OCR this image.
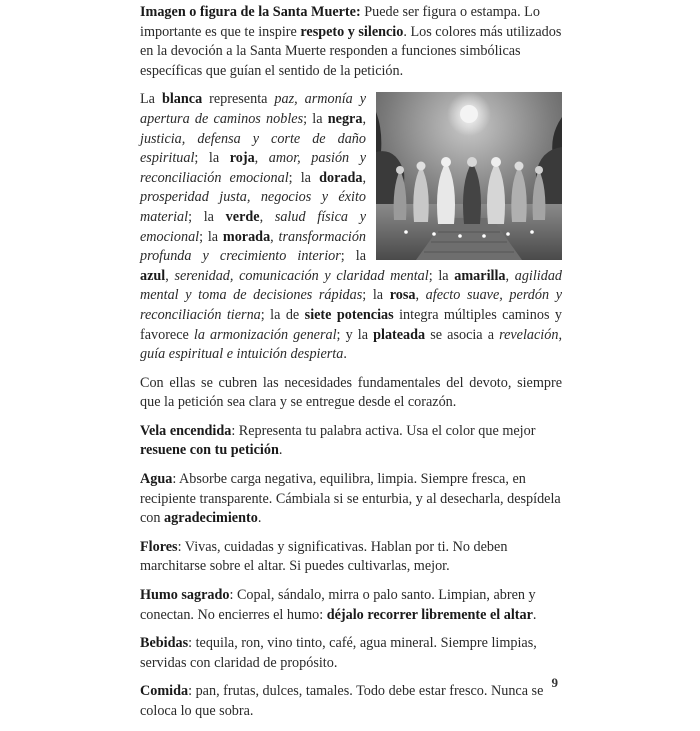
Imagen o figura de la Santa Muerte: Puede ser figura o estampa. Lo importante es que te inspire respeto y silencio. Los colores más utilizados en la devoción a la Santa Muerte responden a funciones simbólicas específicas que guían el sentido de la petición.

La blanca representa paz, armonía y apertura de caminos nobles; la negra, justicia, defensa y corte de daño espiritual; la roja, amor, pasión y reconciliación emocional; la dorada, prosperidad justa, negocios y éxito material; la verde, salud física y emocional; la morada, transformación profunda y crecimiento interior; la azul, serenidad, comunicación y claridad mental; la amarilla, agilidad mental y toma de decisiones rápidas; la rosa, afecto suave, perdón y reconciliación tierna; la de siete potencias integra múltiples caminos y favorece la armonización general; y la plateada se asocia a revelación, guía espiritual e intuición despierta.

Con ellas se cubren las necesidades fundamentales del devoto, siempre que la petición sea clara y se entregue desde el corazón.

Vela encendida: Representa tu palabra activa. Usa el color que mejor resuene con tu petición.

Agua: Absorbe carga negativa, equilibra, limpia. Siempre fresca, en recipiente transparente. Cámbiala si se enturbia, y al desecharla, despídela con agradecimiento.

Flores: Vivas, cuidadas y significativas. Hablan por ti. No deben marchitarse sobre el altar. Si puedes cultivarlas, mejor.

Humo sagrado: Copal, sándalo, mirra o palo santo. Limpian, abren y conectan. No encierres el humo: déjalo recorrer libremente el altar.

Bebidas: tequila, ron, vino tinto, café, agua mineral. Siempre limpias, servidas con claridad de propósito.

Comida: pan, frutas, dulces, tamales. Todo debe estar fresco. Nunca se coloca lo que sobra.

9
